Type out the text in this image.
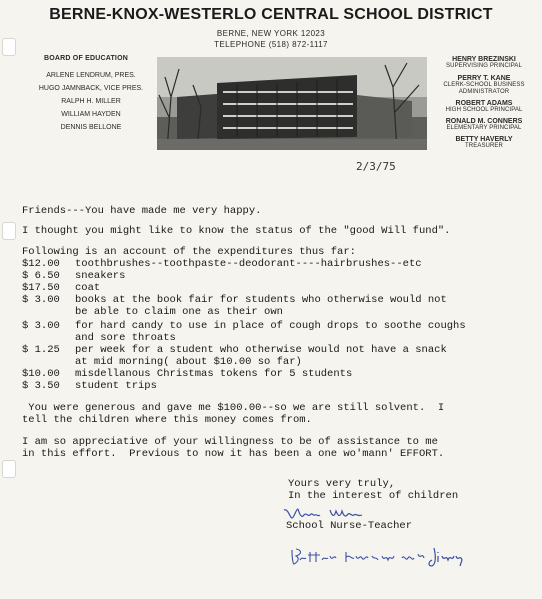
BERNE-KNOX-WESTERLO CENTRAL SCHOOL DISTRICT
BERNE, NEW YORK 12023
TELEPHONE (518) 872-1117
BOARD OF EDUCATION
ARLENE LENDRUM, PRES.
HUGO JAMNBACK, VICE PRES.
RALPH H. MILLER
WILLIAM HAYDEN
DENNIS BELLONE
HENRY BREZINSKI
SUPERVISING PRINCIPAL
PERRY T. KANE
CLERK-SCHOOL BUSINESS ADMINISTRATOR
ROBERT ADAMS
HIGH SCHOOL PRINCIPAL
RONALD M. CONNERS
ELEMENTARY PRINCIPAL
BETTY HAVERLY
TREASURER
2/3/75
Friends---You have made me very happy.
I thought you might like to know the status of the "good Will fund".
Following is an account of the expenditures thus far:
$12.00 toothbrushes--toothpaste--deodorant----hairbrushes--etc
$ 6.50 sneakers
$17.50 coat
$ 3.00 books at the book fair for students who otherwise would not
be able to claim one as their own
$ 3.00 for hard candy to use in place of cough drops to soothe coughs
and sore throats
$ 1.25 per week for a student who otherwise would not have a snack
at mid morning( about $10.00 so far)
$10.00 misdellanous Christmas tokens for 5 students
$ 3.50 student trips
You were generous and gave me $100.00--so we are still solvent.  I
tell the children where this money comes from.
I am so appreciative of your willingness to be of assistance to me
in this effort.  Previous to now it has been a one wo'mann' EFFORT.
Yours very truly,
In the interest of children
School Nurse-Teacher
